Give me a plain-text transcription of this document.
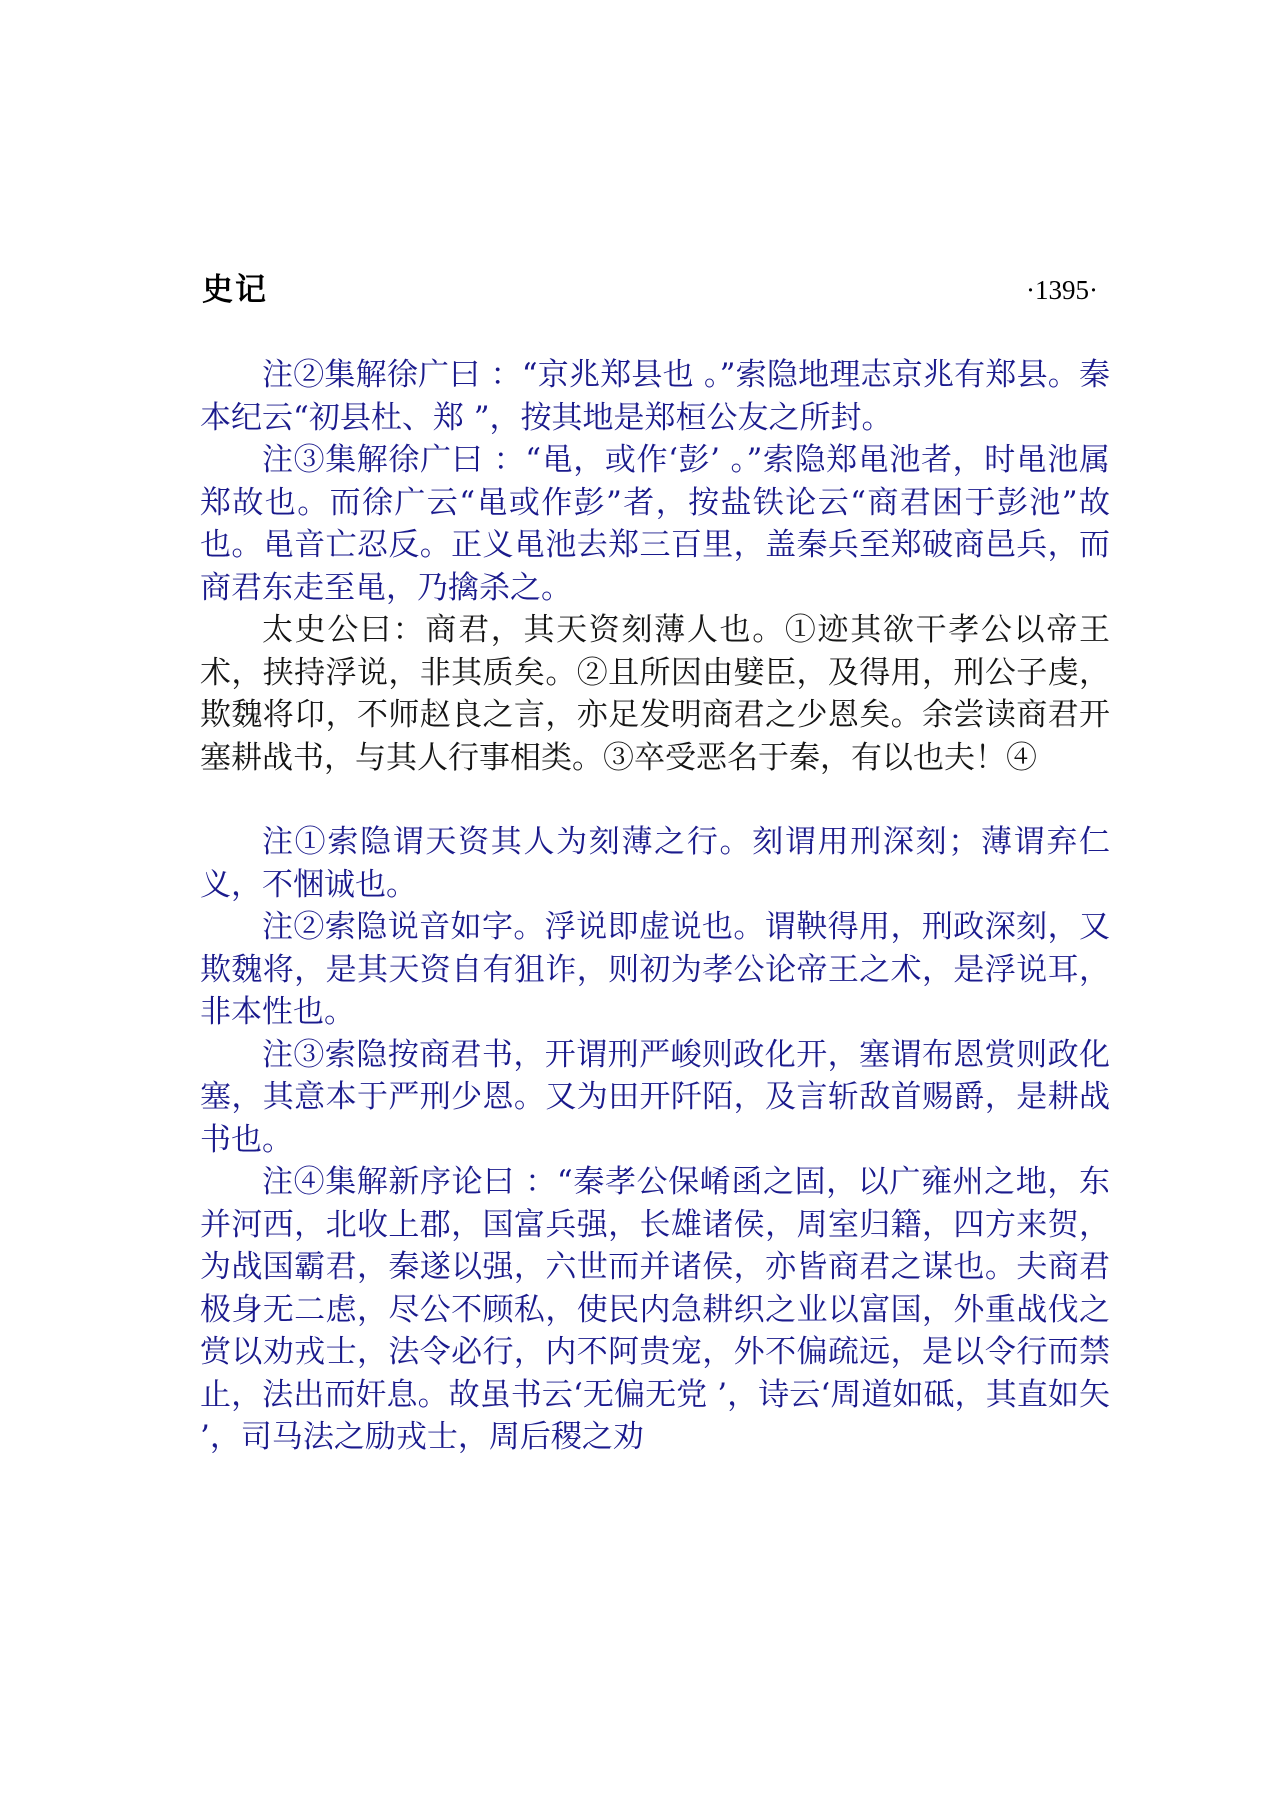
史记	·1395·

注②集解徐广曰 ：“京兆郑县也 。”索隐地理志京兆有郑县。秦本纪云“初县杜、郑 ”，按其地是郑桓公友之所封。

注③集解徐广曰 ：“黾，或作‘彭’ 。”索隐郑黾池者，时黾池属郑故也。而徐广云“黾或作彭”者，按盐铁论云“商君困于彭池”故也。黾音亡忍反。正义黾池去郑三百里，盖秦兵至郑破商邑兵，而商君东走至黾，乃擒杀之。

太史公曰：商君，其天资刻薄人也。①迹其欲干孝公以帝王术，挟持浮说，非其质矣。②且所因由嬖臣，及得用，刑公子虔，欺魏将卬，不师赵良之言，亦足发明商君之少恩矣。余尝读商君开塞耕战书，与其人行事相类。③卒受恶名于秦，有以也夫！④

注①索隐谓天资其人为刻薄之行。刻谓用刑深刻；薄谓弃仁义，不悃诚也。

注②索隐说音如字。浮说即虚说也。谓鞅得用，刑政深刻，又欺魏将，是其天资自有狙诈，则初为孝公论帝王之术，是浮说耳，非本性也。

注③索隐按商君书，开谓刑严峻则政化开，塞谓布恩赏则政化塞，其意本于严刑少恩。又为田开阡陌，及言斩敌首赐爵，是耕战书也。

注④集解新序论曰 ：“秦孝公保崤函之固，以广雍州之地，东并河西，北收上郡，国富兵强，长雄诸侯，周室归籍，四方来贺，为战国霸君，秦遂以强，六世而并诸侯，亦皆商君之谋也。夫商君极身无二虑，尽公不顾私，使民内急耕织之业以富国，外重战伐之赏以劝戎士，法令必行，内不阿贵宠，外不偏疏远，是以令行而禁止，法出而奸息。故虽书云‘无偏无党 ’，诗云‘周道如砥，其直如矢 ’，司马法之励戎士，周后稷之劝
